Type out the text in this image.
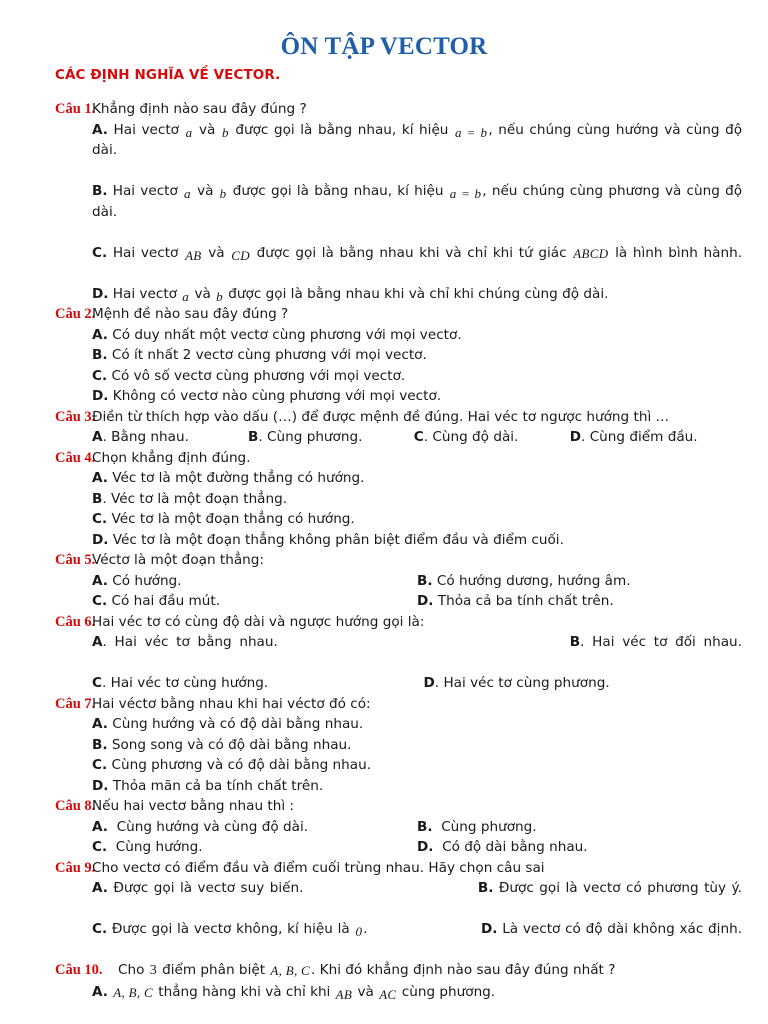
ÔN TẬP VECTOR
CÁC ĐỊNH NGHĨA VỀ VECTOR.
Câu 1.
Khẳng định nào sau đây đúng ?
A. Hai vectơ a và b được gọi là bằng nhau, kí hiệu a = b, nếu chúng cùng hướng và cùng độ dài.
B. Hai vectơ a và b được gọi là bằng nhau, kí hiệu a = b, nếu chúng cùng phương và cùng độ dài.
C. Hai vectơ AB và CD được gọi là bằng nhau khi và chỉ khi tứ giác ABCD là hình bình hành.
D. Hai vectơ a và b được gọi là bằng nhau khi và chỉ khi chúng cùng độ dài.
Câu 2.
Mệnh đề nào sau đây đúng ?
A. Có duy nhất một vectơ cùng phương với mọi vectơ.
B. Có ít nhất 2 vectơ cùng phương với mọi vectơ.
C. Có vô số vectơ cùng phương với mọi vectơ.
D. Không có vectơ nào cùng phương với mọi vectơ.
Câu 3.
Điền từ thích hợp vào dấu (…) để được mệnh đề đúng. Hai véc tơ ngược hướng thì …
A. Bằng nhau.	B. Cùng phương.	C. Cùng độ dài.	D. Cùng điểm đầu.
Câu 4.
Chọn khẳng định đúng.
A. Véc tơ là một đường thẳng có hướng.
B. Véc tơ là một đoạn thẳng.
C. Véc tơ là một đoạn thẳng có hướng.
D. Véc tơ là một đoạn thẳng không phân biệt điểm đầu và điểm cuối.
Câu 5.
Véctơ là một đoạn thẳng:
A. Có hướng.	B. Có hướng dương, hướng âm.
C. Có hai đầu mút.	D. Thỏa cả ba tính chất trên.
Câu 6.
Hai véc tơ có cùng độ dài và ngược hướng gọi là:
A. Hai véc tơ bằng nhau.	B. Hai véc tơ đối nhau.
C. Hai véc tơ cùng hướng.	D. Hai véc tơ cùng phương.
Câu 7.
Hai véctơ bằng nhau khi hai véctơ đó có:
A. Cùng hướng và có độ dài bằng nhau.
B. Song song và có độ dài bằng nhau.
C. Cùng phương và có độ dài bằng nhau.
D. Thỏa mãn cả ba tính chất trên.
Câu 8.
Nếu hai vectơ bằng nhau thì :
A. Cùng hướng và cùng độ dài.	B. Cùng phương.
C. Cùng hướng.	D. Có độ dài bằng nhau.
Câu 9.
Cho vectơ có điểm đầu và điểm cuối trùng nhau. Hãy chọn câu sai
A. Được gọi là vectơ suy biến.	B. Được gọi là vectơ có phương tùy ý.
C. Được gọi là vectơ không, kí hiệu là 0.	D. Là vectơ có độ dài không xác định.
Câu 10.	Cho 3 điểm phân biệt A, B, C. Khi đó khẳng định nào sau đây đúng nhất ?
A. A, B, C thẳng hàng khi và chỉ khi AB và AC cùng phương.
